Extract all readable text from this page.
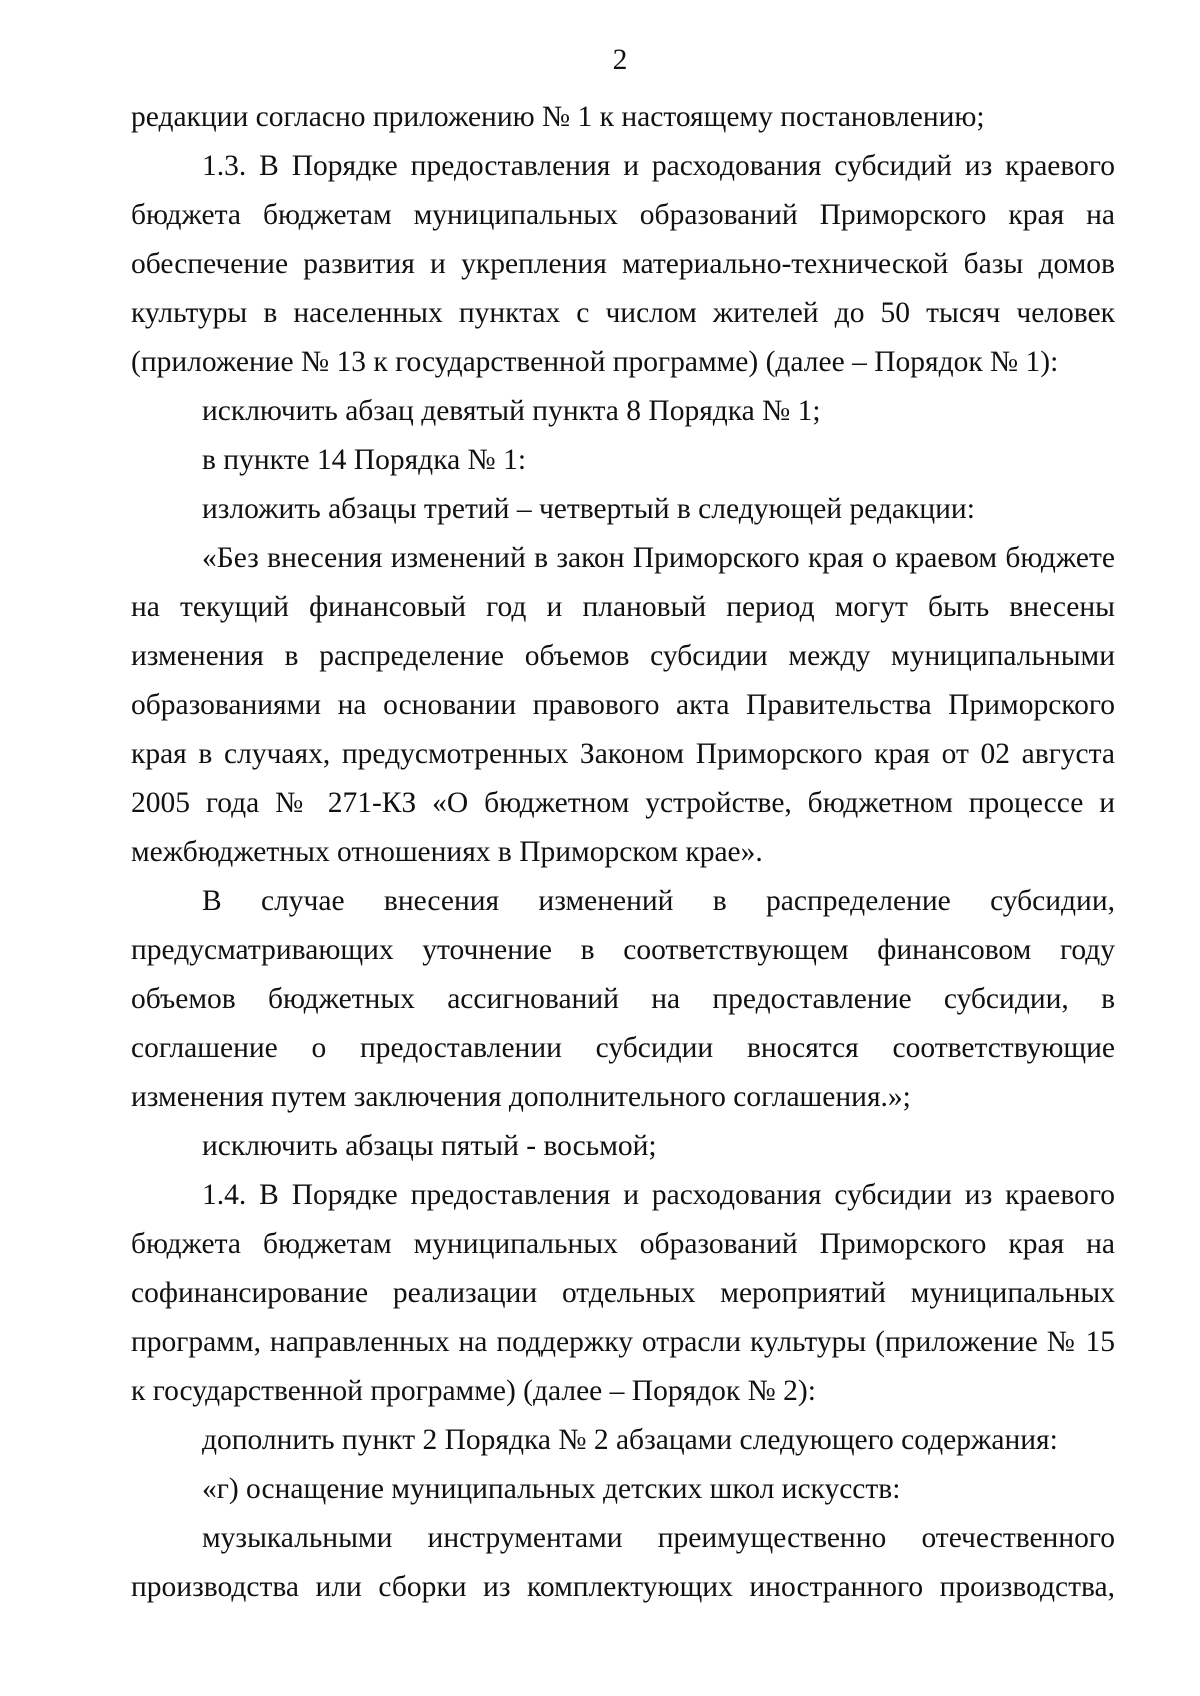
2

редакции согласно приложению № 1 к настоящему постановлению;

1.3. В Порядке предоставления и расходования субсидий из краевого бюджета бюджетам муниципальных образований Приморского края на обеспечение развития и укрепления материально-технической базы домов культуры в населенных пунктах с числом жителей до 50 тысяч человек (приложение № 13 к государственной программе) (далее – Порядок № 1):

исключить абзац девятый пункта 8 Порядка № 1;

в пункте 14 Порядка № 1:

изложить абзацы третий – четвертый в следующей редакции:

«Без внесения изменений в закон Приморского края о краевом бюджете на текущий финансовый год и плановый период могут быть внесены изменения в распределение объемов субсидии между муниципальными образованиями на основании правового акта Правительства Приморского края в случаях, предусмотренных Законом Приморского края от 02 августа 2005 года № 271-КЗ «О бюджетном устройстве, бюджетном процессе и межбюджетных отношениях в Приморском крае».

В случае внесения изменений в распределение субсидии, предусматривающих уточнение в соответствующем финансовом году объемов бюджетных ассигнований на предоставление субсидии, в соглашение о предоставлении субсидии вносятся соответствующие изменения путем заключения дополнительного соглашения.»;

исключить абзацы пятый - восьмой;

1.4. В Порядке предоставления и расходования субсидии из краевого бюджета бюджетам муниципальных образований Приморского края на софинансирование реализации отдельных мероприятий муниципальных программ, направленных на поддержку отрасли культуры (приложение № 15 к государственной программе) (далее – Порядок № 2):

дополнить пункт 2 Порядка № 2 абзацами следующего содержания:

«г) оснащение муниципальных детских школ искусств:

музыкальными инструментами преимущественно отечественного производства или сборки из комплектующих иностранного производства,
